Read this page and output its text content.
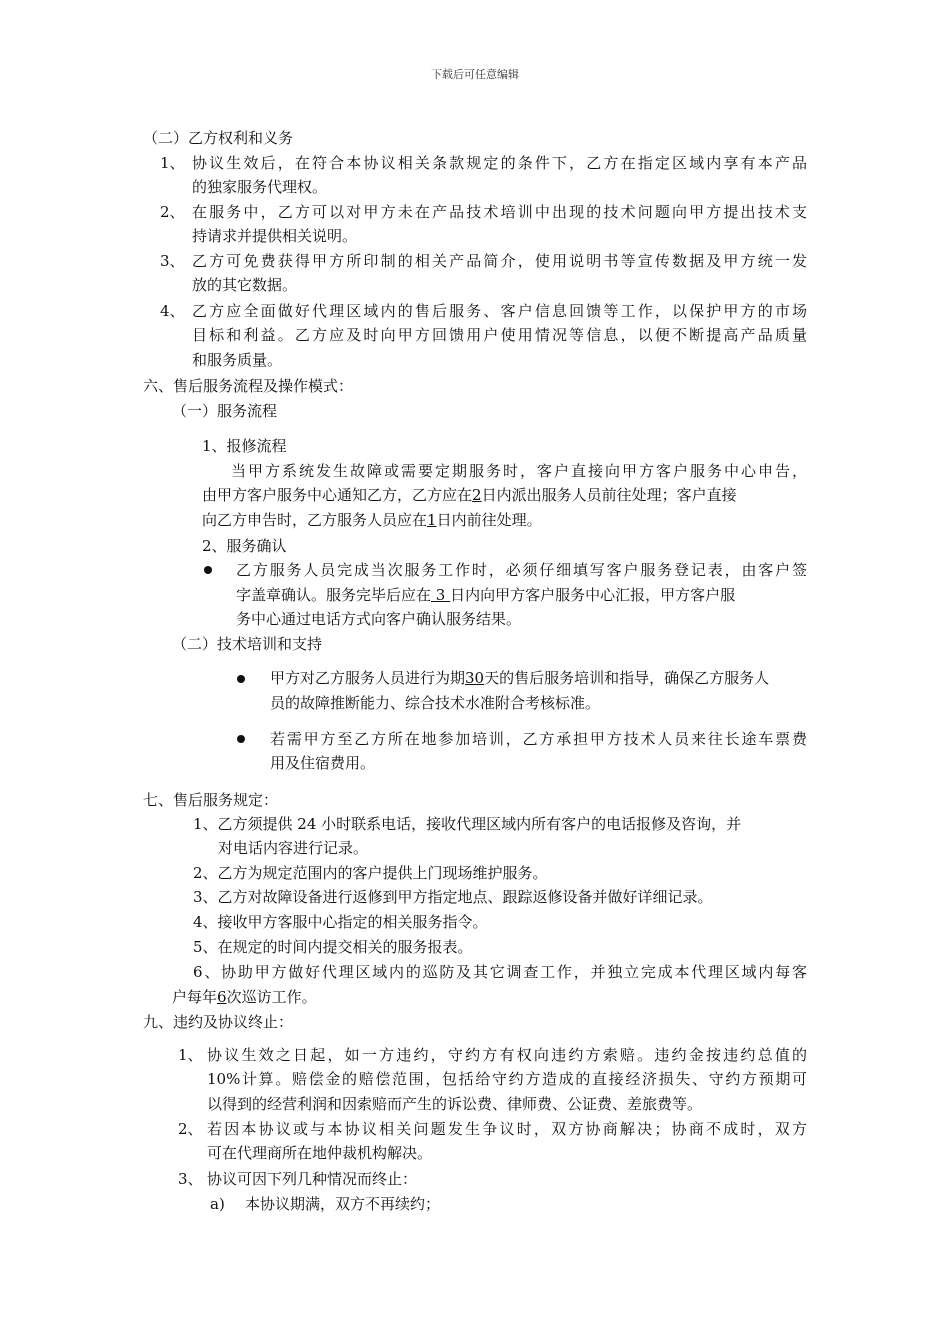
下载后可任意编辑
（二）乙方权利和义务
1、 协议生效后，在符合本协议相关条款规定的条件下，乙方在指定区域内享有本产品
的独家服务代理权。
2、 在服务中，乙方可以对甲方未在产品技术培训中出现的技术问题向甲方提出技术支
持请求并提供相关说明。
3、 乙方可免费获得甲方所印制的相关产品简介，使用说明书等宣传数据及甲方统一发
放的其它数据。
4、 乙方应全面做好代理区域内的售后服务、客户信息回馈等工作，以保护甲方的市场
目标和利益。乙方应及时向甲方回馈用户使用情况等信息，以便不断提高产品质量
和服务质量。
六、售后服务流程及操作模式：
（一）服务流程
1、报修流程
当甲方系统发生故障或需要定期服务时，客户直接向甲方客户服务中心申告，
由甲方客户服务中心通知乙方，乙方应在 2 日内派出服务人员前往处理；客户直接
向乙方申告时，乙方服务人员应在1日内前往处理。
2、服务确认
乙方服务人员完成当次服务工作时，必须仔细填写客户服务登记表，由客户签
字盖章确认。服务完毕后应在 3 日内向甲方客户服务中心汇报，甲方客户服
务中心通过电话方式向客户确认服务结果。
（二）技术培训和支持
甲方对乙方服务人员进行为期30天的售后服务培训和指导，确保乙方服务人
员的故障推断能力、综合技术水准附合考核标准。
若需甲方至乙方所在地参加培训，乙方承担甲方技术人员来往长途车票费
用及住宿费用。
七、售后服务规定：
1、乙方须提供 24 小时联系电话，接收代理区域内所有客户的电话报修及咨询，并
对电话内容进行记录。
2、乙方为规定范围内的客户提供上门现场维护服务。
3、乙方对故障设备进行返修到甲方指定地点、跟踪返修设备并做好详细记录。
4、接收甲方客服中心指定的相关服务指令。
5、在规定的时间内提交相关的服务报表。
6、协助甲方做好代理区域内的巡防及其它调查工作，并独立完成本代理区域内每客
户每年6次巡访工作。
九、违约及协议终止：
1、 协议生效之日起，如一方违约，守约方有权向违约方索赔。违约金按违约总值的
10%计算。赔偿金的赔偿范围，包括给守约方造成的直接经济损失、守约方预期可
以得到的经营利润和因索赔而产生的诉讼费、律师费、公证费、差旅费等。
2、 若因本协议或与本协议相关问题发生争议时，双方协商解决；协商不成时，双方
可在代理商所在地仲裁机构解决。
3、 协议可因下列几种情况而终止：
a) 本协议期满，双方不再续约；
